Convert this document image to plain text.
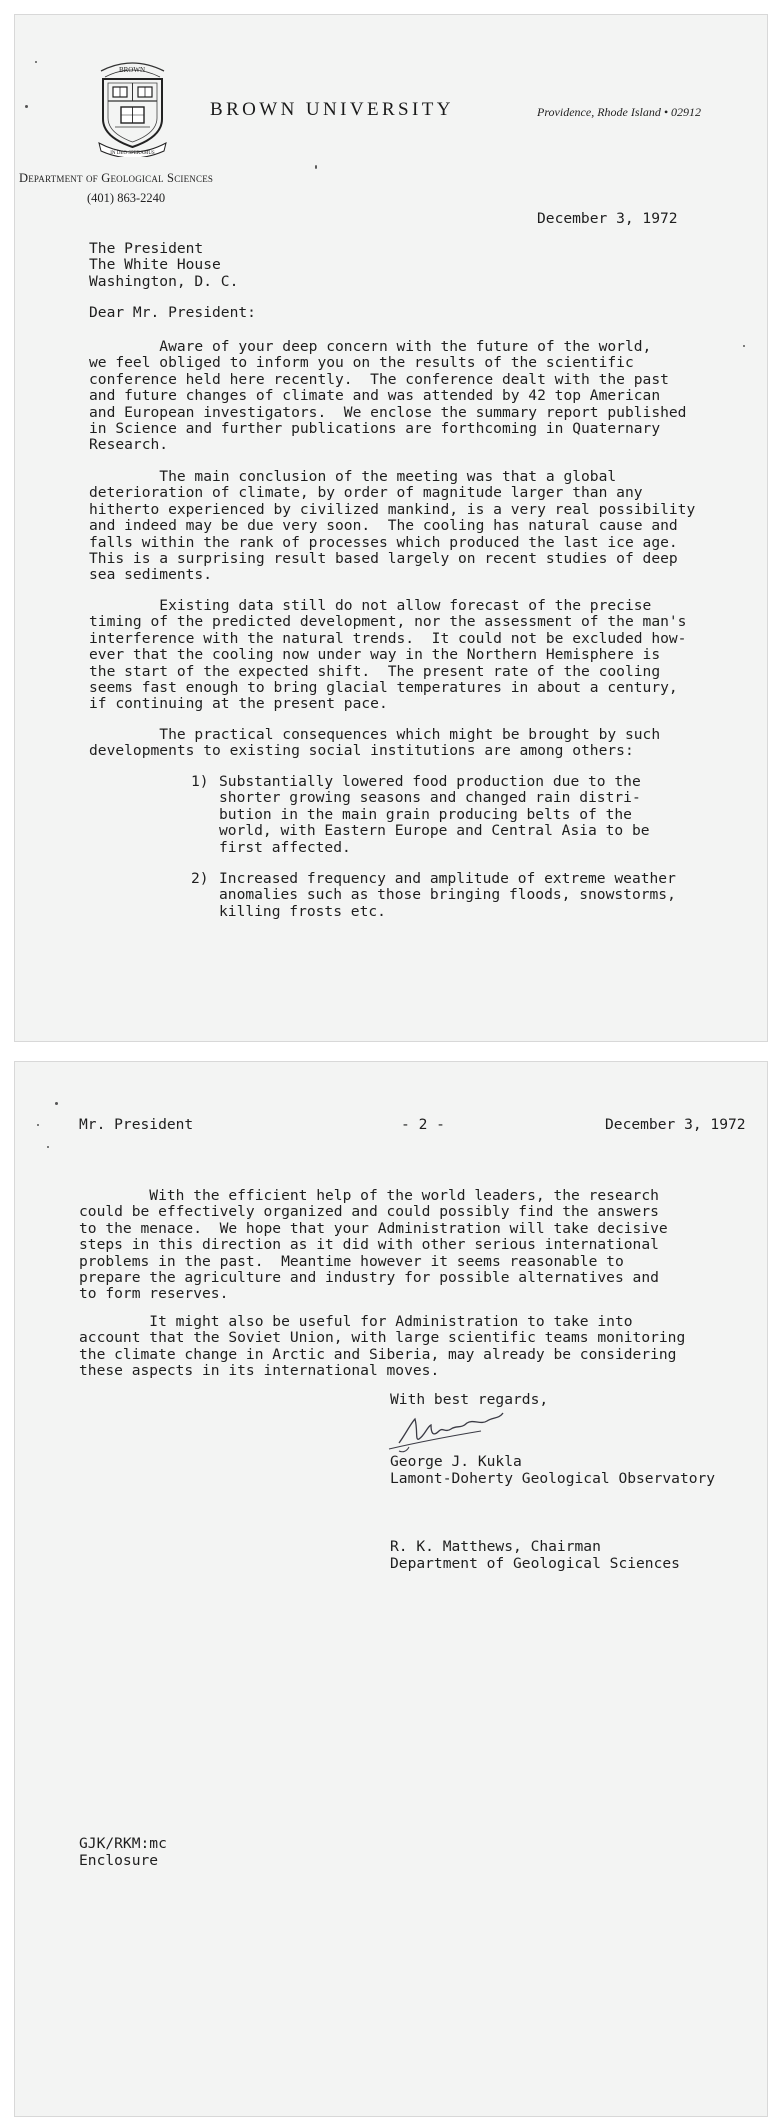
BROWN
IN DEO SPERAMUS
BROWN UNIVERSITY	Providence, Rhode Island • 02912
Department of Geological Sciences
(401) 863-2240
December 3, 1972
The President
The White House
Washington, D. C.
Dear Mr. President:
Aware of your deep concern with the future of the world,
we feel obliged to inform you on the results of the scientific
conference held here recently.  The conference dealt with the past
and future changes of climate and was attended by 42 top American
and European investigators.  We enclose the summary report published
in Science and further publications are forthcoming in Quaternary
Research.
The main conclusion of the meeting was that a global
deterioration of climate, by order of magnitude larger than any
hitherto experienced by civilized mankind, is a very real possibility
and indeed may be due very soon.  The cooling has natural cause and
falls within the rank of processes which produced the last ice age.
This is a surprising result based largely on recent studies of deep
sea sediments.
Existing data still do not allow forecast of the precise
timing of the predicted development, nor the assessment of the man's
interference with the natural trends.  It could not be excluded how-
ever that the cooling now under way in the Northern Hemisphere is
the start of the expected shift.  The present rate of the cooling
seems fast enough to bring glacial temperatures in about a century,
if continuing at the present pace.
The practical consequences which might be brought by such
developments to existing social institutions are among others:
1) Substantially lowered food production due to the
shorter growing seasons and changed rain distri-
bution in the main grain producing belts of the
world, with Eastern Europe and Central Asia to be
first affected.
2) Increased frequency and amplitude of extreme weather
anomalies such as those bringing floods, snowstorms,
killing frosts etc.
Mr. President	- 2 -	December 3, 1972
With the efficient help of the world leaders, the research
could be effectively organized and could possibly find the answers
to the menace.  We hope that your Administration will take decisive
steps in this direction as it did with other serious international
problems in the past.  Meantime however it seems reasonable to
prepare the agriculture and industry for possible alternatives and
to form reserves.
It might also be useful for Administration to take into
account that the Soviet Union, with large scientific teams monitoring
the climate change in Arctic and Siberia, may already be considering
these aspects in its international moves.
With best regards,
George J. Kukla
Lamont-Doherty Geological Observatory
R. K. Matthews, Chairman
Department of Geological Sciences
GJK/RKM:mc
Enclosure
